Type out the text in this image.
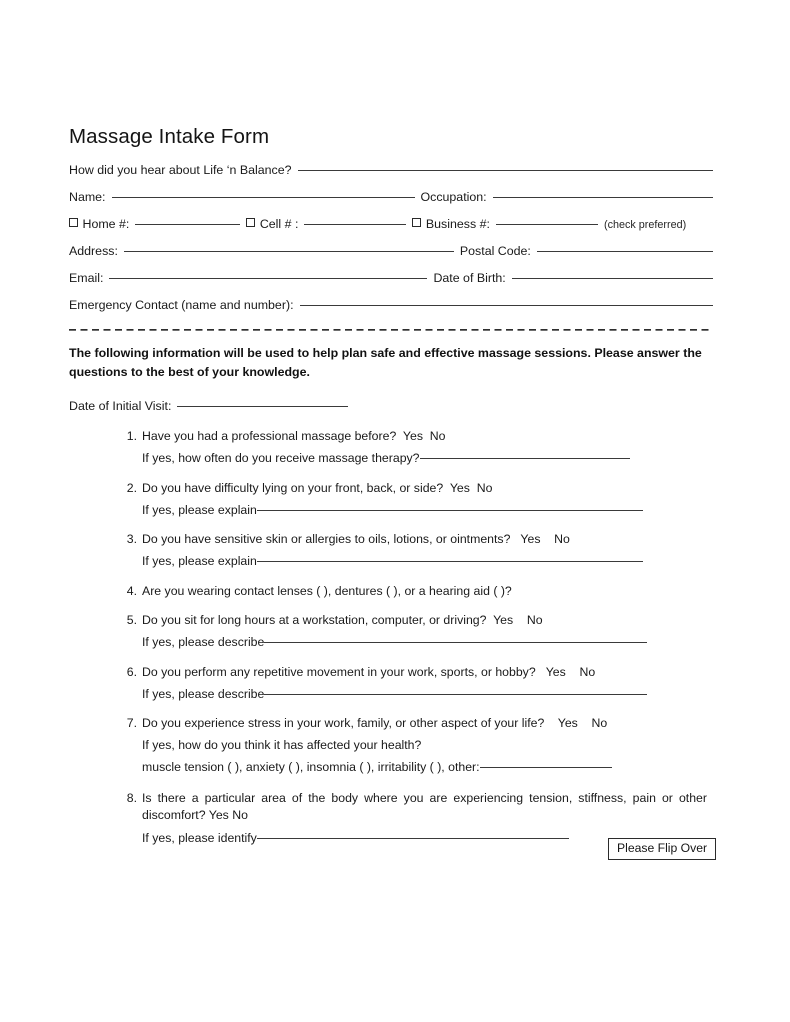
Massage Intake Form
How did you hear about Life ‘n Balance?
Name:	Occupation:
Home #:	Cell # :	Business #:	(check preferred)
Address:	Postal Code:
Email:	Date of Birth:
Emergency Contact (name and number):

The following information will be used to help plan safe and effective massage sessions. Please answer the questions to the best of your knowledge.

Date of Initial Visit:
1. Have you had a professional massage before? Yes  No
If yes, how often do you receive massage therapy?
2. Do you have difficulty lying on your front, back, or side? Yes  No
If yes, please explain
3. Do you have sensitive skin or allergies to oils, lotions, or ointments? Yes    No
If yes, please explain
4. Are you wearing contact lenses ( ), dentures ( ), or a hearing aid ( )?
5. Do you sit for long hours at a workstation, computer, or driving? Yes    No
If yes, please describe
6. Do you perform any repetitive movement in your work, sports, or hobby? Yes    No
If yes, please describe
7. Do you experience stress in your work, family, or other aspect of your life? Yes    No
If yes, how do you think it has affected your health?
muscle tension ( ), anxiety ( ), insomnia ( ), irritability ( ), other:
8. Is there a particular area of the body where you are experiencing tension, stiffness, pain or other discomfort? Yes No
If yes, please identify
Please Flip Over
